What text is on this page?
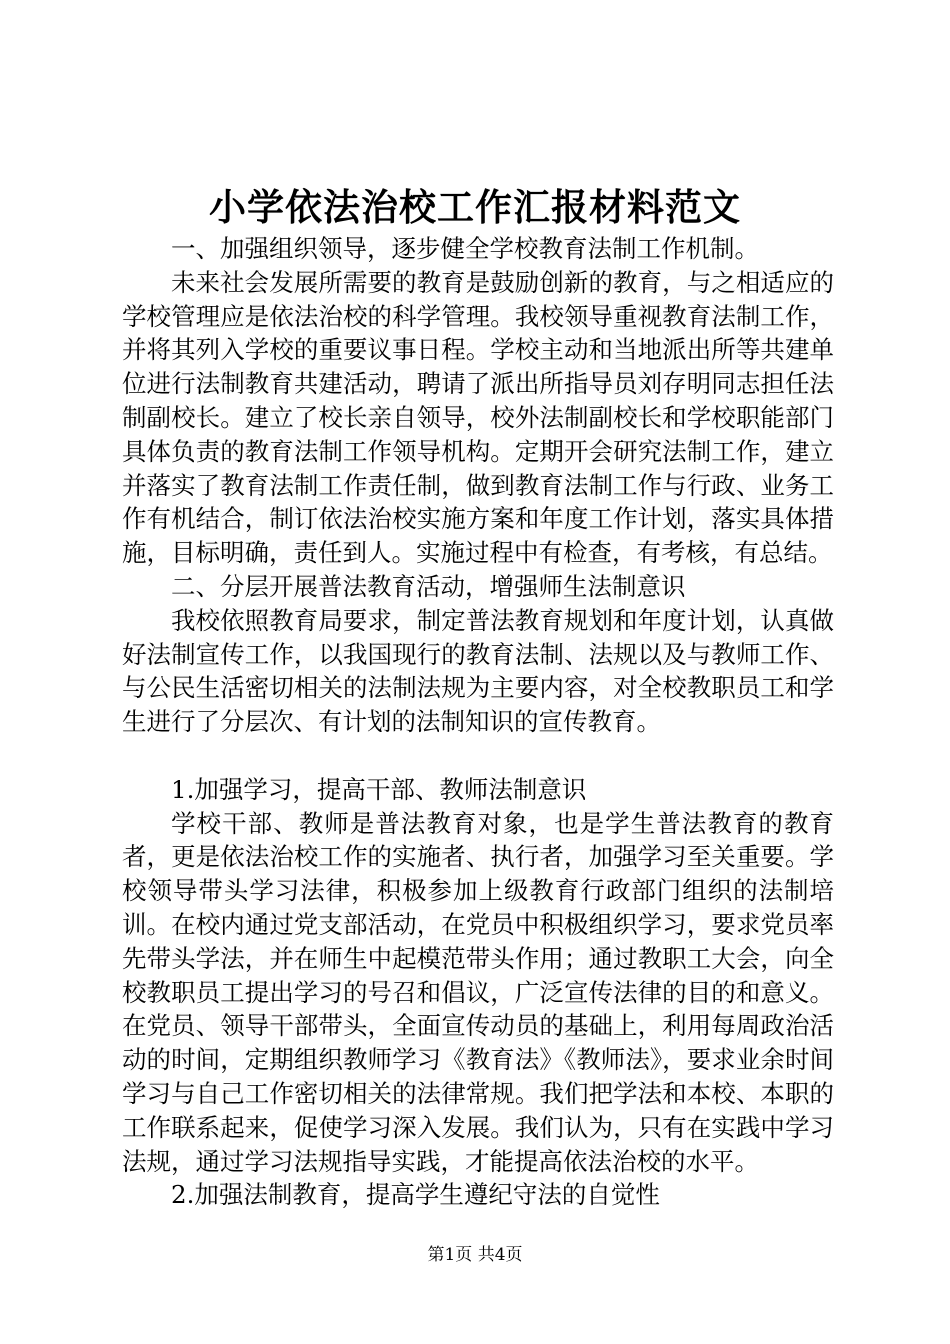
小学依法治校工作汇报材料范文

一、加强组织领导，逐步健全学校教育法制工作机制。

未来社会发展所需要的教育是鼓励创新的教育，与之相适应的学校管理应是依法治校的科学管理。我校领导重视教育法制工作，并将其列入学校的重要议事日程。学校主动和当地派出所等共建单位进行法制教育共建活动，聘请了派出所指导员刘存明同志担任法制副校长。建立了校长亲自领导，校外法制副校长和学校职能部门具体负责的教育法制工作领导机构。定期开会研究法制工作，建立并落实了教育法制工作责任制，做到教育法制工作与行政、业务工作有机结合，制订依法治校实施方案和年度工作计划，落实具体措施，目标明确，责任到人。实施过程中有检查，有考核，有总结。

二、分层开展普法教育活动，增强师生法制意识

我校依照教育局要求，制定普法教育规划和年度计划，认真做好法制宣传工作，以我国现行的教育法制、法规以及与教师工作、与公民生活密切相关的法制法规为主要内容，对全校教职员工和学生进行了分层次、有计划的法制知识的宣传教育。

1.加强学习，提高干部、教师法制意识

学校干部、教师是普法教育对象，也是学生普法教育的教育者，更是依法治校工作的实施者、执行者，加强学习至关重要。学校领导带头学习法律，积极参加上级教育行政部门组织的法制培训。在校内通过党支部活动，在党员中积极组织学习，要求党员率先带头学法，并在师生中起模范带头作用；通过教职工大会，向全校教职员工提出学习的号召和倡议，广泛宣传法律的目的和意义。在党员、领导干部带头，全面宣传动员的基础上，利用每周政治活动的时间，定期组织教师学习《教育法》《教师法》，要求业余时间学习与自己工作密切相关的法律常规。我们把学法和本校、本职的工作联系起来，促使学习深入发展。我们认为，只有在实践中学习法规，通过学习法规指导实践，才能提高依法治校的水平。

2.加强法制教育，提高学生遵纪守法的自觉性

第1页 共4页
